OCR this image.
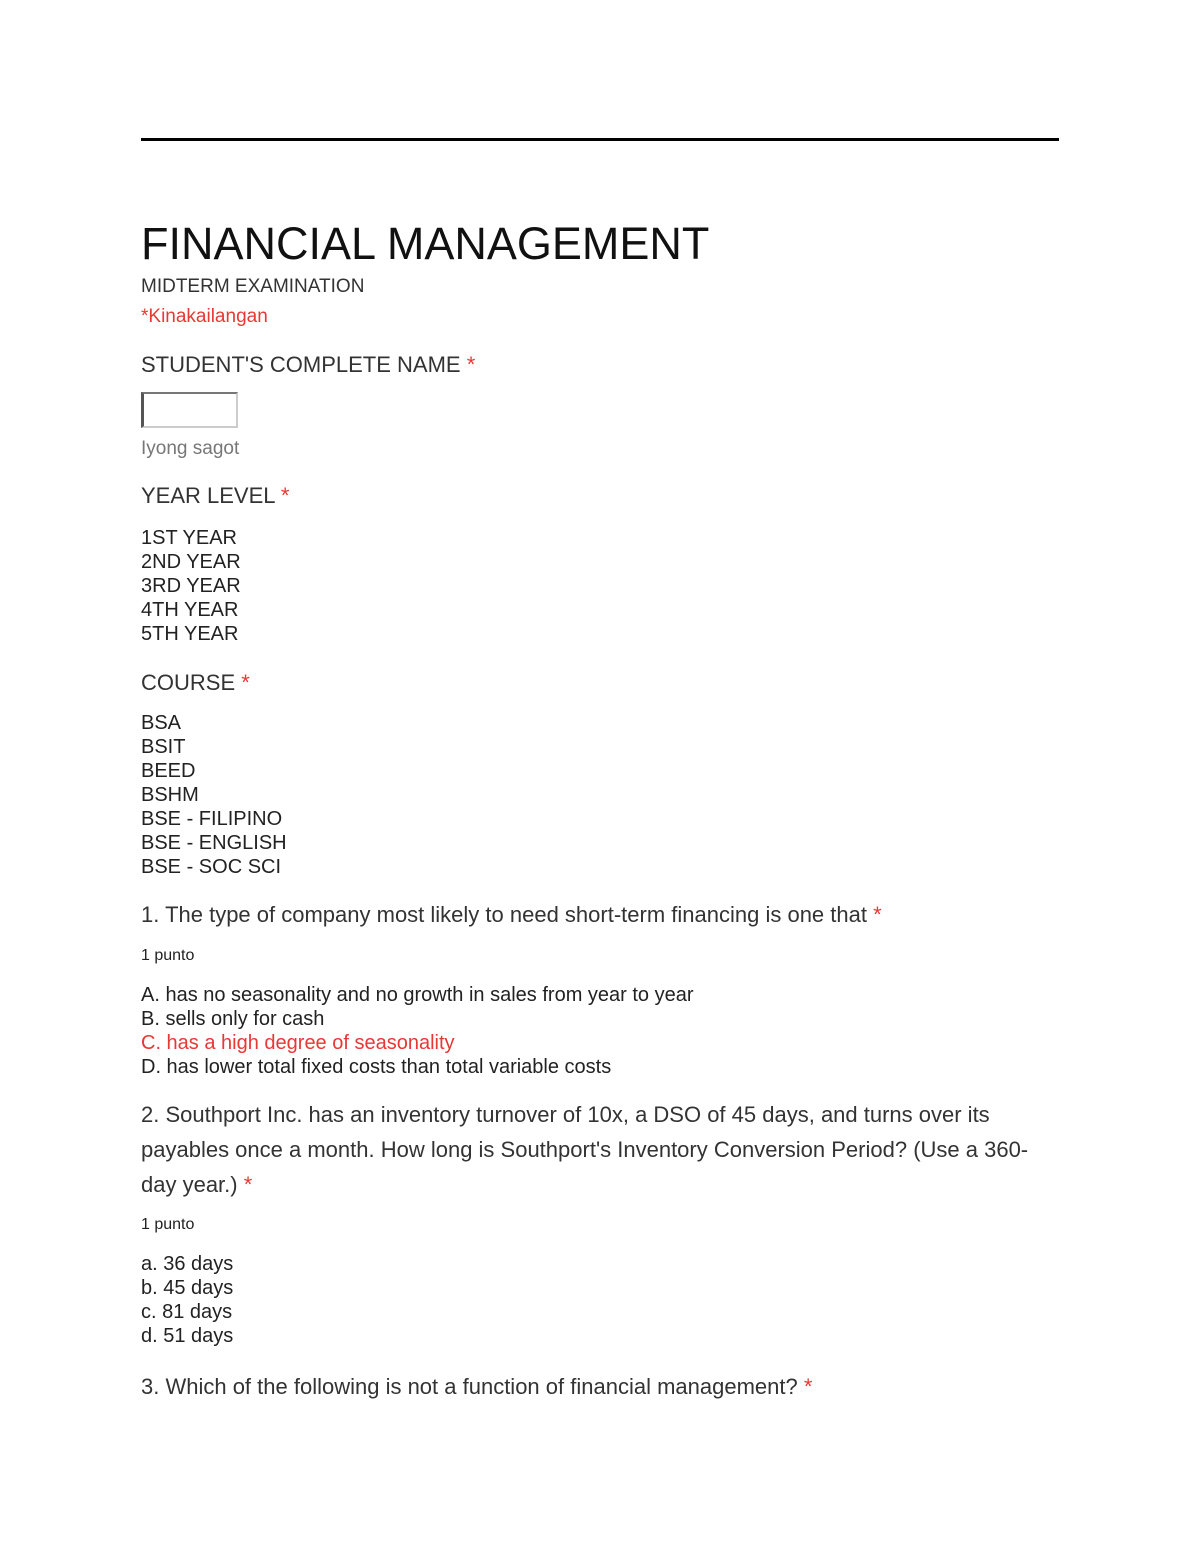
FINANCIAL MANAGEMENT
MIDTERM EXAMINATION
*Kinakailangan
STUDENT'S COMPLETE NAME *
Iyong sagot
YEAR LEVEL *
1ST YEAR
2ND YEAR
3RD YEAR
4TH YEAR
5TH YEAR
COURSE *
BSA
BSIT
BEED
BSHM
BSE - FILIPINO
BSE - ENGLISH
BSE - SOC SCI
1. The type of company most likely to need short-term financing is one that *
1 punto
A. has no seasonality and no growth in sales from year to year
B. sells only for cash
C. has a high degree of seasonality
D. has lower total fixed costs than total variable costs
2. Southport Inc. has an inventory turnover of 10x, a DSO of 45 days, and turns over its payables once a month. How long is Southport's Inventory Conversion Period? (Use a 360-day year.) *
1 punto
a. 36 days
b. 45 days
c. 81 days
d. 51 days
3. Which of the following is not a function of financial management? *
